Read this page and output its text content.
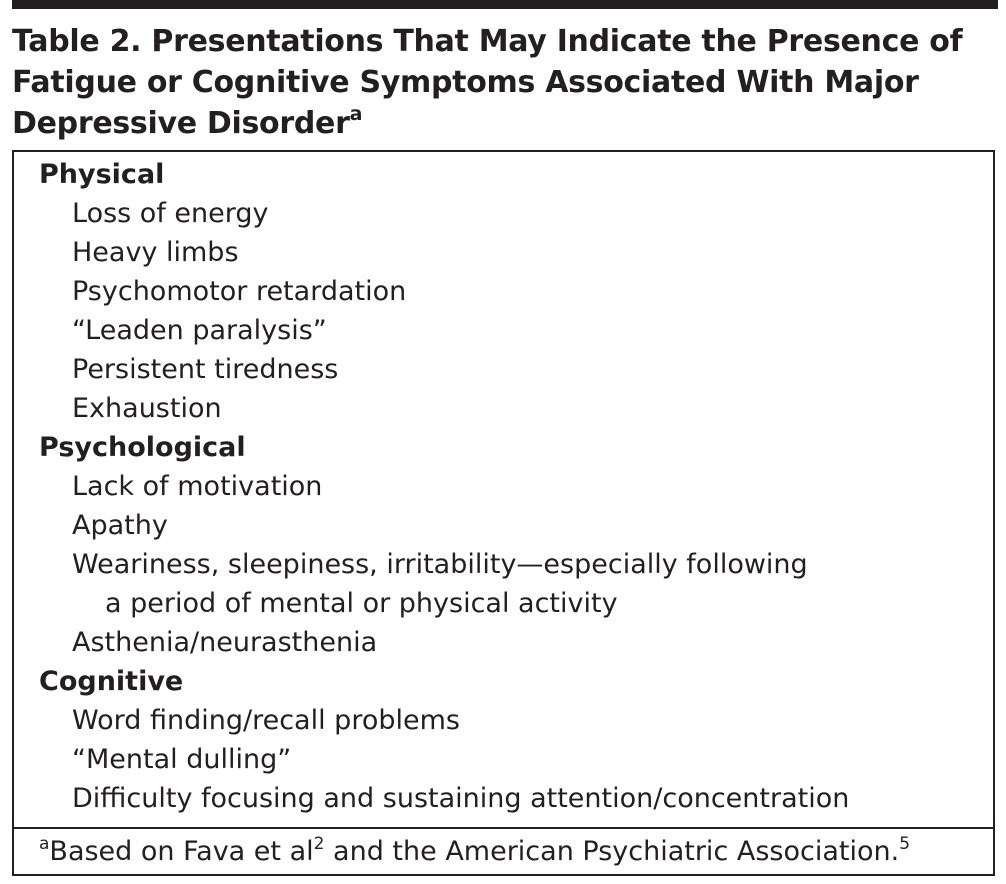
Table 2. Presentations That May Indicate the Presence of Fatigue or Cognitive Symptoms Associated With Major Depressive Disorder$^a$
Physical
Loss of energy
Heavy limbs
Psychomotor retardation
“Leaden paralysis”
Persistent tiredness
Exhaustion
Psychological
Lack of motivation
Apathy
Weariness, sleepiness, irritability—especially following
a period of mental or physical activity
Asthenia/neurasthenia
Cognitive
Word finding/recall problems
“Mental dulling”
Difficulty focusing and sustaining attention/concentration
$^a$Based on Fava et $al^2$ and the American Psychiatric Association.$^5$
